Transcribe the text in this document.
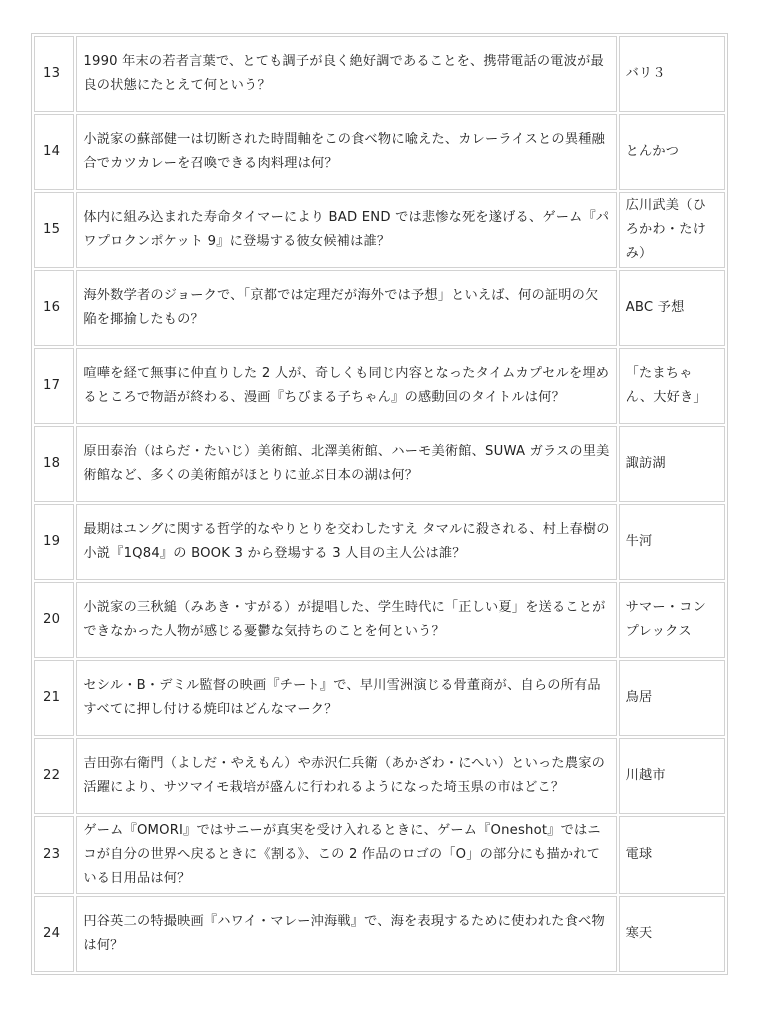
13	1990 年末の若者言葉で、とても調子が良く絶好調であることを、携帯電話の電波が最良の状態にたとえて何という？	バリ３
14	小説家の蘇部健一は切断された時間軸をこの食べ物に喩えた、カレーライスとの異種融合でカツカレーを召喚できる肉料理は何？	とんかつ
15	体内に組み込まれた寿命タイマーにより BAD END では悲惨な死を遂げる、ゲーム『パワプロクンポケット 9』に登場する彼女候補は誰？	広川武美（ひろかわ・たけみ）
16	海外数学者のジョークで、「京都では定理だが海外では予想」といえば、何の証明の欠陥を揶揄したもの？	ABC 予想
17	喧嘩を経て無事に仲直りした 2 人が、奇しくも同じ内容となったタイムカプセルを埋めるところで物語が終わる、漫画『ちびまる子ちゃん』の感動回のタイトルは何？	「たまちゃん、大好き」
18	原田泰治（はらだ・たいじ）美術館、北澤美術館、ハーモ美術館、SUWA ガラスの里美術館など、多くの美術館がほとりに並ぶ日本の湖は何？	諏訪湖
19	最期はユングに関する哲学的なやりとりを交わしたすえ タマルに殺される、村上春樹の小説『1Q84』の BOOK 3 から登場する 3 人目の主人公は誰？	牛河
20	小説家の三秋縋（みあき・すがる）が提唱した、学生時代に「正しい夏」を送ることができなかった人物が感じる憂鬱な気持ちのことを何という？	サマー・コンプレックス
21	セシル・B・デミル監督の映画『チート』で、早川雪洲演じる骨董商が、自らの所有品すべてに押し付ける焼印はどんなマーク？	鳥居
22	吉田弥右衛門（よしだ・やえもん）や赤沢仁兵衛（あかざわ・にへい）といった農家の活躍により、サツマイモ栽培が盛んに行われるようになった埼玉県の市はどこ？	川越市
23	ゲーム『OMORI』ではサニーが真実を受け入れるときに、ゲーム『Oneshot』ではニコが自分の世界へ戻るときに《割る》、この 2 作品のロゴの「O」の部分にも描かれている日用品は何？	電球
24	円谷英二の特撮映画『ハワイ・マレー沖海戦』で、海を表現するために使われた食べ物は何？	寒天
